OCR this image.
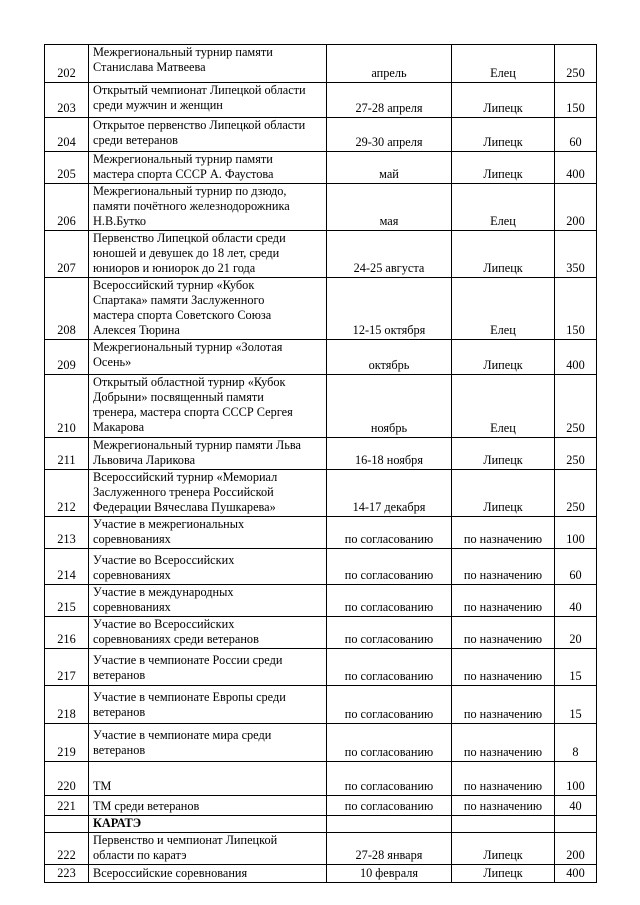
202	Межрегиональный турнир памяти
Станислава Матвеева	апрель	Елец	250
203	Открытый чемпионат Липецкой области
среди мужчин и женщин	27-28 апреля	Липецк	150
204	Открытое первенство Липецкой области
среди ветеранов	29-30 апреля	Липецк	60
205	Межрегиональный турнир памяти
мастера спорта СССР А. Фаустова	май	Липецк	400
206	Межрегиональный турнир по дзюдо,
памяти почётного железнодорожника
Н.В.Бутко	мая	Елец	200
207	Первенство Липецкой области среди
юношей и девушек до 18 лет, среди
юниоров и юниорок до 21 года	24-25 августа	Липецк	350
208	Всероссийский турнир «Кубок
Спартака» памяти Заслуженного
мастера спорта Советского Союза
Алексея Тюрина	12-15 октября	Елец	150
209	Межрегиональный турнир «Золотая
Осень»	октябрь	Липецк	400
210	Открытый областной турнир «Кубок
Добрыни» посвященный памяти
тренера, мастера спорта СССР Сергея
Макарова	ноябрь	Елец	250
211	Межрегиональный турнир памяти Льва
Львовича Ларикова	16-18 ноября	Липецк	250
212	Всероссийский турнир «Мемориал
Заслуженного тренера Российской
Федерации Вячеслава Пушкарева»	14-17 декабря	Липецк	250
213	Участие в межрегиональных
соревнованиях	по согласованию	по назначению	100
214	Участие во Всероссийских
соревнованиях	по согласованию	по назначению	60
215	Участие в международных
соревнованиях	по согласованию	по назначению	40
216	Участие во Всероссийских
соревнованиях среди ветеранов	по согласованию	по назначению	20
217	Участие в чемпионате России среди
ветеранов	по согласованию	по назначению	15
218	Участие в чемпионате Европы среди
ветеранов	по согласованию	по назначению	15
219	Участие в чемпионате мира среди
ветеранов	по согласованию	по назначению	8
220	ТМ	по согласованию	по назначению	100
221	ТМ среди ветеранов	по согласованию	по назначению	40
	КАРАТЭ			
222	Первенство и чемпионат Липецкой
области по каратэ	27-28 января	Липецк	200
223	Всероссийские соревнования	10 февраля	Липецк	400
